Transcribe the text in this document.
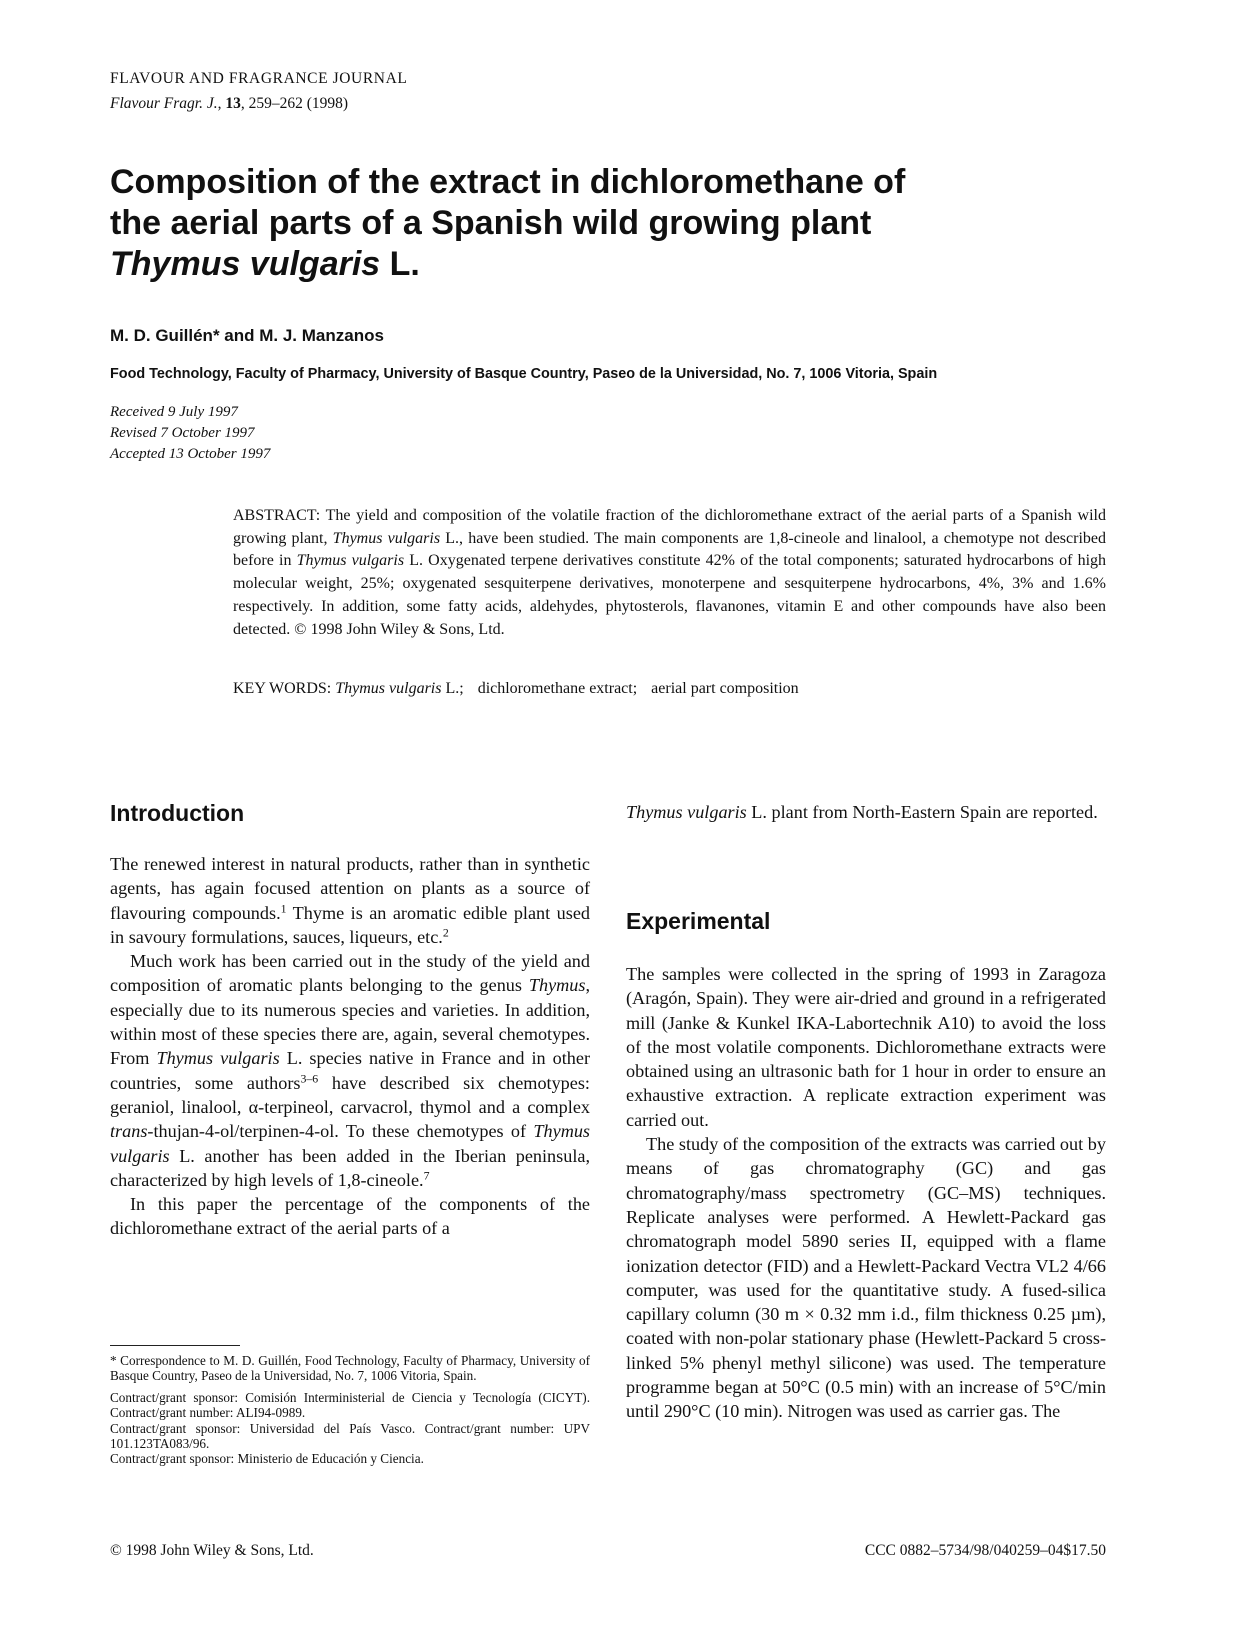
FLAVOUR AND FRAGRANCE JOURNAL
Flavour Fragr. J., 13, 259–262 (1998)
Composition of the extract in dichloromethane of
the aerial parts of a Spanish wild growing plant
Thymus vulgaris L.
M. D. Guillén* and M. J. Manzanos
Food Technology, Faculty of Pharmacy, University of Basque Country, Paseo de la Universidad, No. 7, 1006 Vitoria, Spain
Received 9 July 1997
Revised 7 October 1997
Accepted 13 October 1997
ABSTRACT: The yield and composition of the volatile fraction of the dichloromethane extract of the aerial parts of a Spanish wild growing plant, Thymus vulgaris L., have been studied. The main components are 1,8-cineole and linalool, a chemotype not described before in Thymus vulgaris L. Oxygenated terpene derivatives constitute 42% of the total components; saturated hydrocarbons of high molecular weight, 25%; oxygenated sesquiterpene derivatives, monoterpene and sesquiterpene hydrocarbons, 4%, 3% and 1.6% respectively. In addition, some fatty acids, aldehydes, phytosterols, flavanones, vitamin E and other compounds have also been detected. © 1998 John Wiley & Sons, Ltd.
KEY WORDS: Thymus vulgaris L.; dichloromethane extract; aerial part composition
Introduction

The renewed interest in natural products, rather than in synthetic agents, has again focused attention on plants as a source of flavouring compounds.$^1$ Thyme is an aromatic edible plant used in savoury formulations, sauces, liqueurs, etc.$^2$

Much work has been carried out in the study of the yield and composition of aromatic plants belonging to the genus Thymus, especially due to its numerous species and varieties. In addition, within most of these species there are, again, several chemotypes. From Thymus vulgaris L. species native in France and in other countries, some authors$^{3-6}$ have described six chemotypes: geraniol, linalool, α-terpineol, carvacrol, thymol and a complex trans-thujan-4-ol/terpinen-4-ol. To these chemotypes of Thymus vulgaris L. another has been added in the Iberian peninsula, characterized by high levels of 1,8-cineole.$^7$

In this paper the percentage of the components of the dichloromethane extract of the aerial parts of a

Thymus vulgaris L. plant from North-Eastern Spain are reported.

Experimental

The samples were collected in the spring of 1993 in Zaragoza (Aragón, Spain). They were air-dried and ground in a refrigerated mill (Janke & Kunkel IKA-Labortechnik A10) to avoid the loss of the most volatile components. Dichloromethane extracts were obtained using an ultrasonic bath for 1 hour in order to ensure an exhaustive extraction. A replicate extraction experiment was carried out.

The study of the composition of the extracts was carried out by means of gas chromatography (GC) and gas chromatography/mass spectrometry (GC–MS) techniques. Replicate analyses were performed. A Hewlett-Packard gas chromatograph model 5890 series II, equipped with a flame ionization detector (FID) and a Hewlett-Packard Vectra VL2 4/66 computer, was used for the quantitative study. A fused-silica capillary column (30 m × 0.32 mm i.d., film thickness 0.25 µm), coated with non-polar stationary phase (Hewlett-Packard 5 cross-linked 5% phenyl methyl silicone) was used. The temperature programme began at 50°C (0.5 min) with an increase of 5°C/min until 290°C (10 min). Nitrogen was used as carrier gas. The

* Correspondence to M. D. Guillén, Food Technology, Faculty of Pharmacy, University of Basque Country, Paseo de la Universidad, No. 7, 1006 Vitoria, Spain.

Contract/grant sponsor: Comisión Interministerial de Ciencia y Tecnología (CICYT). Contract/grant number: ALI94-0989.

Contract/grant sponsor: Universidad del País Vasco. Contract/grant number: UPV 101.123TA083/96.

Contract/grant sponsor: Ministerio de Educación y Ciencia.

© 1998 John Wiley & Sons, Ltd.	CCC 0882–5734/98/040259–04$17.50
